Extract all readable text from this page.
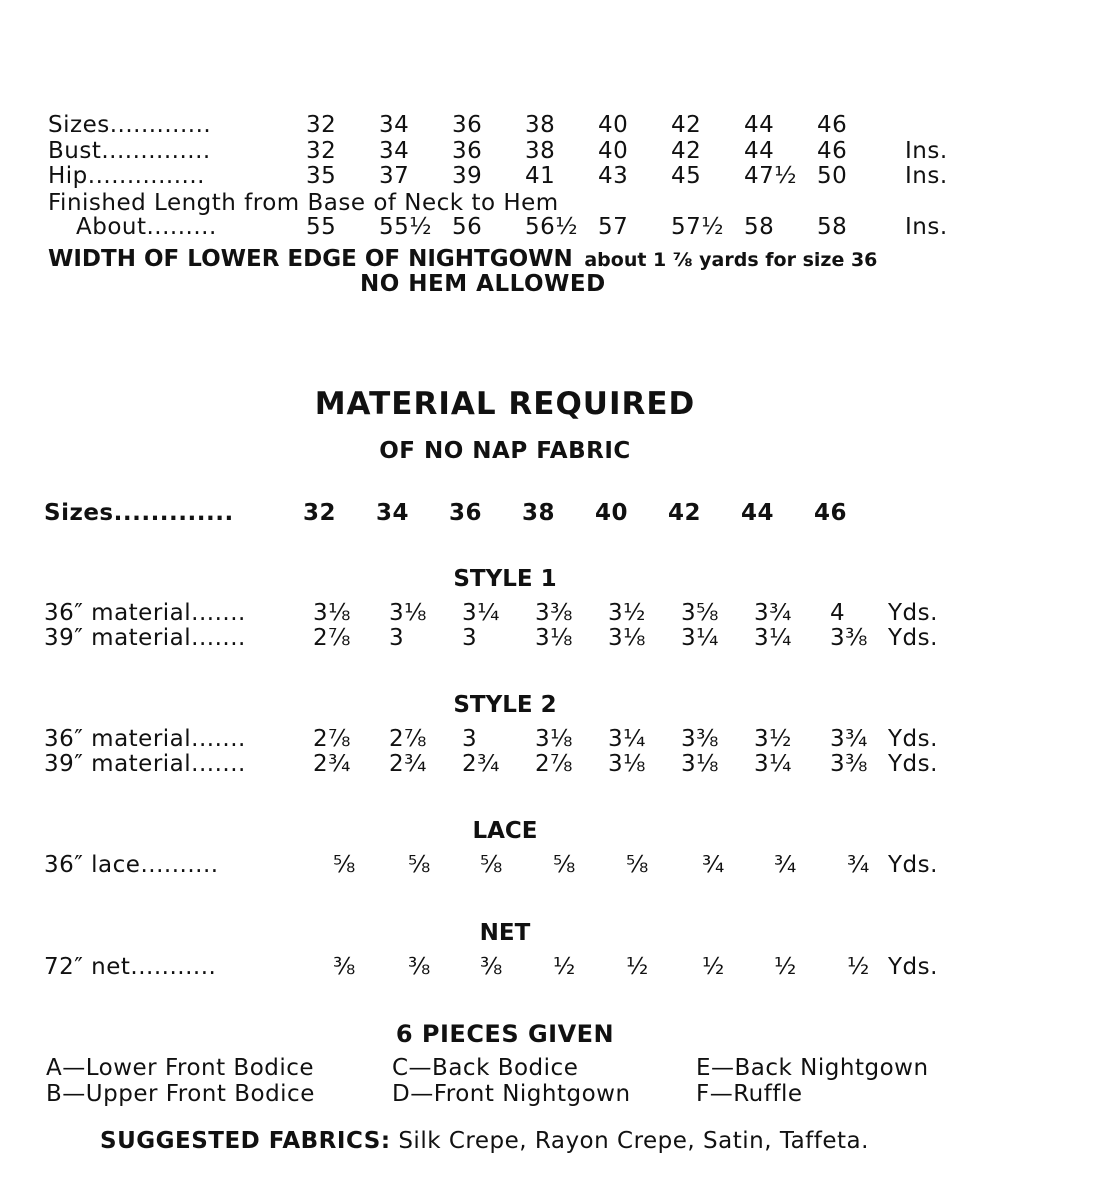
Sizes.............	32 34 36 38 40 42 44 46
Bust..............	32 34 36 38 40 42 44 46	Ins.
Hip...............	35 37 39 41 43 45 47½ 50	Ins.
Finished Length from Base of Neck to Hem
About.........	55 55½ 56 56½ 57 57½ 58 58	Ins.
WIDTH OF LOWER EDGE OF NIGHTGOWN about 1 ⅞ yards for size 36
NO HEM ALLOWED
MATERIAL REQUIRED
OF NO NAP FABRIC
Sizes.............	32 34 36 38 40 42 44 46
STYLE 1
36″ material.......	3⅛ 3⅛ 3¼ 3⅜ 3½ 3⅝ 3¾ 4 Yds.
39″ material.......	2⅞ 3	3	3⅛ 3⅛ 3¼ 3¼ 3⅜ Yds.
STYLE 2
36″ material.......	2⅞ 2⅞ 3	3⅛ 3¼ 3⅜ 3½ 3¾ Yds.
39″ material.......	2¾ 2¾ 2¾ 2⅞ 3⅛ 3⅛ 3¼ 3⅜ Yds.
LACE
36″ lace..........	⅝ ⅝ ⅝ ⅝ ⅝ ¾ ¾ ¾ Yds.
NET
72″ net...........	⅜ ⅜ ⅜ ½ ½ ½ ½ ½ Yds.
6 PIECES GIVEN
A—Lower Front Bodice
B—Upper Front Bodice
C—Back Bodice
D—Front Nightgown
E—Back Nightgown
F—Ruffle
SUGGESTED FABRICS: Silk Crepe, Rayon Crepe, Satin, Taffeta.
